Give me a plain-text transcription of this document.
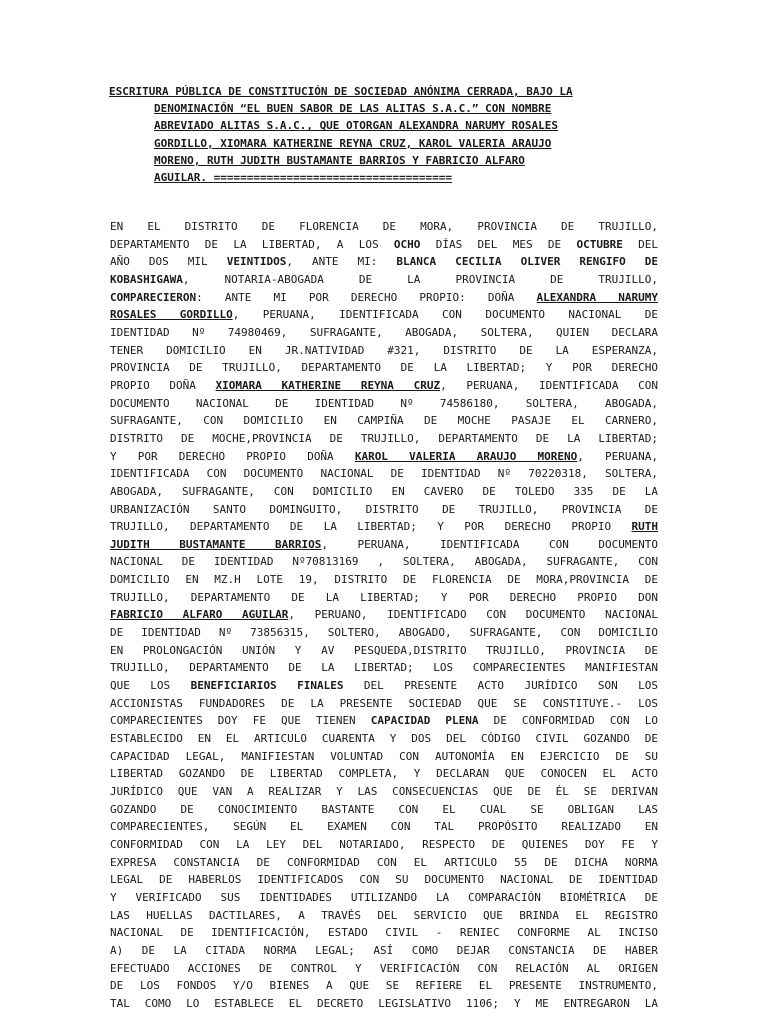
ESCRITURA PÚBLICA DE CONSTITUCIÓN DE SOCIEDAD ANÓNIMA CERRADA, BAJO LA
DENOMINACIÓN “EL BUEN SABOR DE LAS ALITAS S.A.C.” CON NOMBRE
ABREVIADO ALITAS S.A.C., QUE OTORGAN ALEXANDRA NARUMY ROSALES
GORDILLO, XIOMARA KATHERINE REYNA CRUZ, KAROL VALERIA ARAUJO
MORENO, RUTH JUDITH BUSTAMANTE BARRIOS Y FABRICIO ALFARO
AGUILAR. ====================================
EN EL DISTRITO DE FLORENCIA DE MORA, PROVINCIA DE TRUJILLO,
DEPARTAMENTO DE LA LIBERTAD, A LOS OCHO DÍAS DEL MES DE OCTUBRE DEL
AÑO DOS MIL VEINTIDOS, ANTE MI: BLANCA CECILIA OLIVER RENGIFO DE
KOBASHIGAWA, NOTARIA-ABOGADA DE LA PROVINCIA DE TRUJILLO,
COMPARECIERON: ANTE MI POR DERECHO PROPIO: DOÑA ALEXANDRA NARUMY
ROSALES GORDILLO, PERUANA, IDENTIFICADA CON DOCUMENTO NACIONAL DE
IDENTIDAD Nº 74980469, SUFRAGANTE, ABOGADA, SOLTERA, QUIEN DECLARA
TENER DOMICILIO EN JR.NATIVIDAD #321, DISTRITO DE LA ESPERANZA,
PROVINCIA DE TRUJILLO, DEPARTAMENTO DE LA LIBERTAD; Y POR DERECHO
PROPIO DOÑA XIOMARA KATHERINE REYNA CRUZ, PERUANA, IDENTIFICADA CON
DOCUMENTO NACIONAL DE IDENTIDAD Nº 74586180, SOLTERA, ABOGADA,
SUFRAGANTE, CON DOMICILIO EN CAMPIÑA DE MOCHE PASAJE EL CARNERO,
DISTRITO DE MOCHE,PROVINCIA DE TRUJILLO, DEPARTAMENTO DE LA LIBERTAD;
Y POR DERECHO PROPIO DOÑA KAROL VALERIA ARAUJO MORENO, PERUANA,
IDENTIFICADA CON DOCUMENTO NACIONAL DE IDENTIDAD Nº 70220318, SOLTERA,
ABOGADA, SUFRAGANTE, CON DOMICILIO EN CAVERO DE TOLEDO 335 DE LA
URBANIZACIÓN SANTO DOMINGUITO, DISTRITO DE TRUJILLO, PROVINCIA DE
TRUJILLO, DEPARTAMENTO DE LA LIBERTAD; Y POR DERECHO PROPIO RUTH
JUDITH BUSTAMANTE BARRIOS, PERUANA, IDENTIFICADA CON DOCUMENTO
NACIONAL DE IDENTIDAD Nº70813169 , SOLTERA, ABOGADA, SUFRAGANTE, CON
DOMICILIO EN MZ.H LOTE 19, DISTRITO DE FLORENCIA DE MORA,PROVINCIA DE
TRUJILLO, DEPARTAMENTO DE LA LIBERTAD; Y POR DERECHO PROPIO DON
FABRICIO ALFARO AGUILAR, PERUANO, IDENTIFICADO CON DOCUMENTO NACIONAL
DE IDENTIDAD Nº 73856315, SOLTERO, ABOGADO, SUFRAGANTE, CON DOMICILIO
EN PROLONGACIÓN UNIÓN Y AV PESQUEDA,DISTRITO TRUJILLO, PROVINCIA DE
TRUJILLO, DEPARTAMENTO DE LA LIBERTAD; LOS COMPARECIENTES MANIFIESTAN
QUE LOS BENEFICIARIOS FINALES DEL PRESENTE ACTO JURÍDICO SON LOS
ACCIONISTAS FUNDADORES DE LA PRESENTE SOCIEDAD QUE SE CONSTITUYE.- LOS
COMPARECIENTES DOY FE QUE TIENEN CAPACIDAD PLENA DE CONFORMIDAD CON LO
ESTABLECIDO EN EL ARTICULO CUARENTA Y DOS DEL CÓDIGO CIVIL GOZANDO DE
CAPACIDAD LEGAL, MANIFIESTAN VOLUNTAD CON AUTONOMÍA EN EJERCICIO DE SU
LIBERTAD GOZANDO DE LIBERTAD COMPLETA, Y DECLARAN QUE CONOCEN EL ACTO
JURÍDICO QUE VAN A REALIZAR Y LAS CONSECUENCIAS QUE DE ÉL SE DERIVAN
GOZANDO DE CONOCIMIENTO BASTANTE CON EL CUAL SE OBLIGAN LAS
COMPARECIENTES, SEGÚN EL EXAMEN CON TAL PROPÓSITO REALIZADO EN
CONFORMIDAD CON LA LEY DEL NOTARIADO, RESPECTO DE QUIENES DOY FE Y
EXPRESA CONSTANCIA DE CONFORMIDAD CON EL ARTICULO 55 DE DICHA NORMA
LEGAL DE HABERLOS IDENTIFICADOS CON SU DOCUMENTO NACIONAL DE IDENTIDAD
Y VERIFICADO SUS IDENTIDADES UTILIZANDO LA COMPARACIÓN BIOMÉTRICA DE
LAS HUELLAS DACTILARES, A TRAVÉS DEL SERVICIO QUE BRINDA EL REGISTRO
NACIONAL DE IDENTIFICACIÓN, ESTADO CIVIL - RENIEC CONFORME AL INCISO
A) DE LA CITADA NORMA LEGAL; ASÍ COMO DEJAR CONSTANCIA DE HABER
EFECTUADO ACCIONES DE CONTROL Y VERIFICACIÓN CON RELACIÓN AL ORIGEN
DE LOS FONDOS Y/O BIENES A QUE SE REFIERE EL PRESENTE INSTRUMENTO,
TAL COMO LO ESTABLECE EL DECRETO LEGISLATIVO 1106; Y ME ENTREGARON LA
